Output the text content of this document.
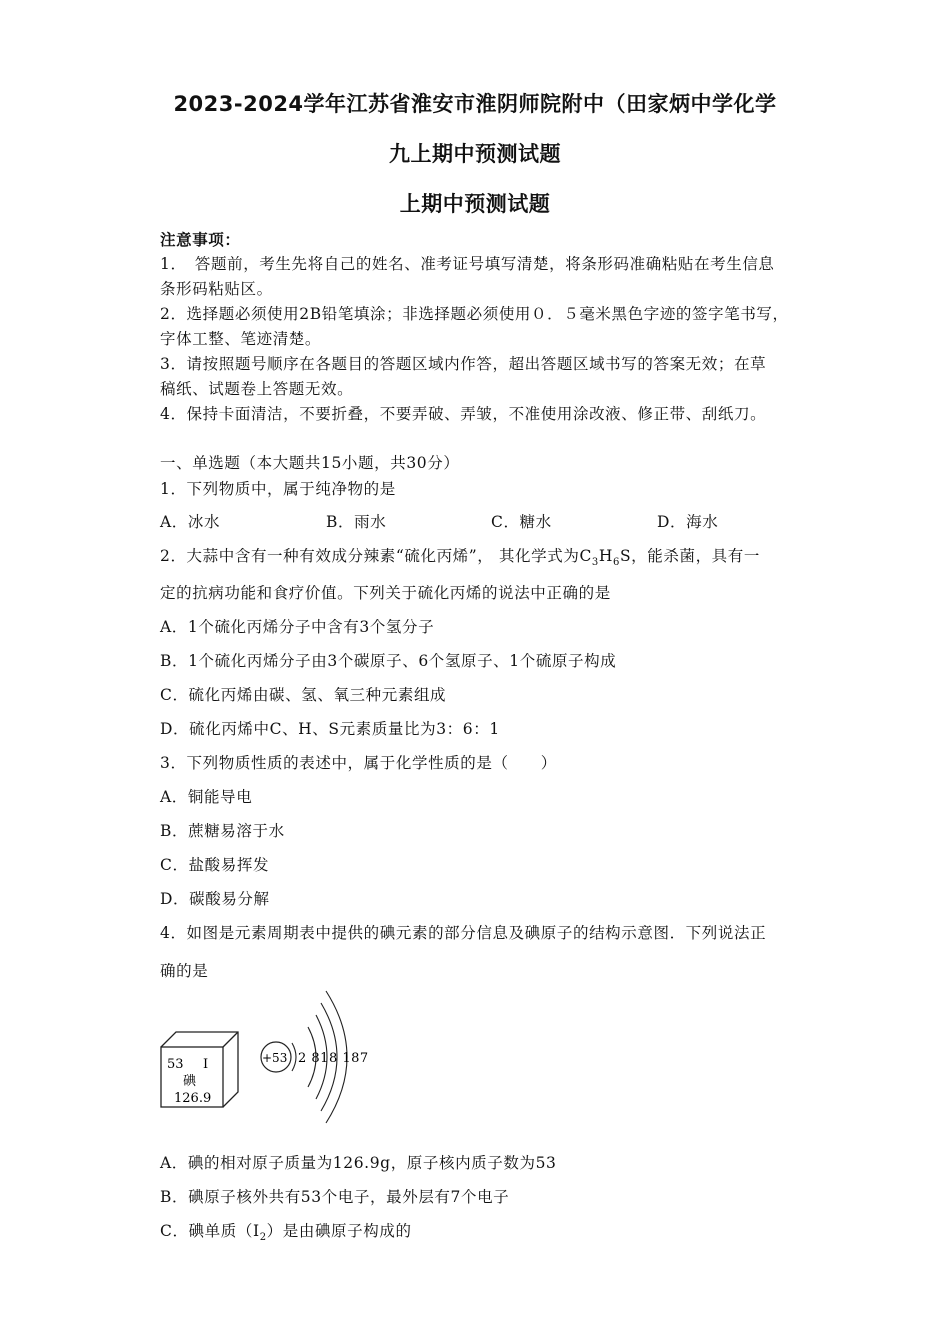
2023-2024学年江苏省淮安市淮阴师院附中（田家炳中学化学
九上期中预测试题
上期中预测试题
注意事项：
1．　答题前，考生先将自己的姓名、准考证号填写清楚，将条形码准确粘贴在考生信息
条形码粘贴区。
2．选择题必须使用2B铅笔填涂；非选择题必须使用０．５毫米黑色字迹的签字笔书写，
字体工整、笔迹清楚。
3．请按照题号顺序在各题目的答题区域内作答，超出答题区域书写的答案无效；在草
稿纸、试题卷上答题无效。
4．保持卡面清洁，不要折叠，不要弄破、弄皱，不准使用涂改液、修正带、刮纸刀。
一、单选题（本大题共15小题，共30分）
1．下列物质中，属于纯净物的是
A．冰水	B．雨水	C．糖水	D．海水
2．大蒜中含有一种有效成分辣素“硫化丙烯”， 其化学式为$C_3H_6S$，能杀菌，具有一
定的抗病功能和食疗价值。下列关于硫化丙烯的说法中正确的是
A．1个硫化丙烯分子中含有3个氢分子
B．1个硫化丙烯分子由3个碳原子、6个氢原子、1个硫原子构成
C．硫化丙烯由碳、氢、氧三种元素组成
D．硫化丙烯中C、H、S元素质量比为3：6：1
3．下列物质性质的表述中，属于化学性质的是（　　）
A．铜能导电
B．蔗糖易溶于水
C．盐酸易挥发
D．碳酸易分解
4．如图是元素周期表中提供的碘元素的部分信息及碘原子的结构示意图．下列说法正
确的是
53 I
碘
126.9
+53 2 818 187
A．碘的相对原子质量为126.9g，原子核内质子数为53
B．碘原子核外共有53个电子，最外层有7个电子
C．碘单质$(I_2)$是由碘原子构成的
